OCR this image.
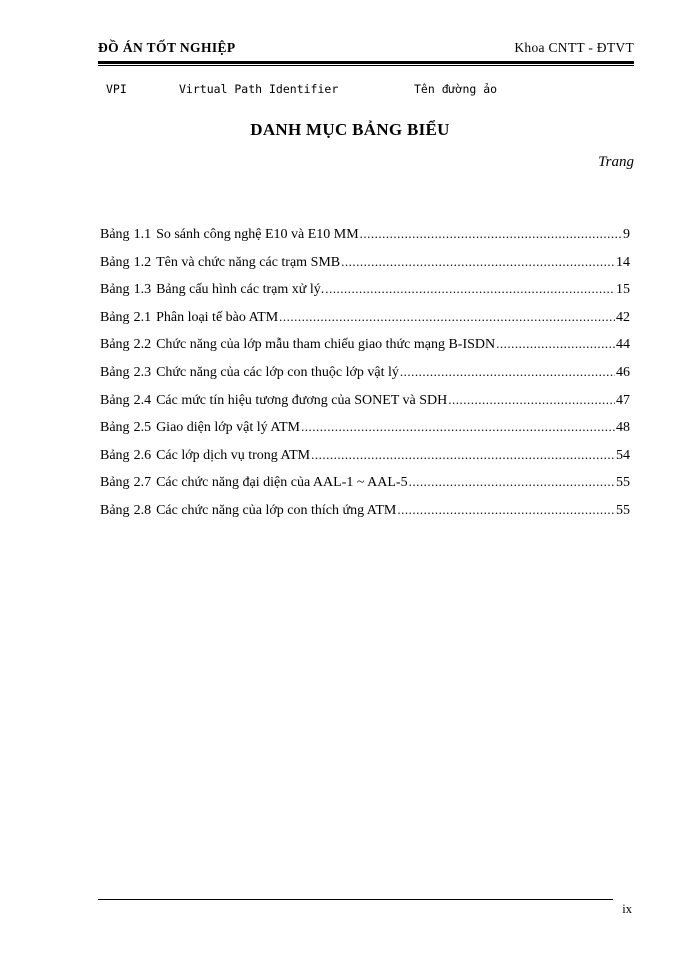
ĐỒ ÁN TỐT NGHIỆP	Khoa CNTT - ĐTVT
VPI	Virtual Path Identifier	Tên đường ảo
DANH MỤC BẢNG BIỂU
Trang
Bảng 1.1 So sánh công nghệ E10 và E10 MM .....	9
Bảng 1.2 Tên và chức năng các trạm SMB .....	14
Bảng 1.3 Bảng cấu hình các trạm xử lý. .....	15
Bảng 2.1 Phân loại tế bào ATM .....	42
Bảng 2.2 Chức năng của lớp mẫu tham chiếu giao thức mạng B-ISDN .....	44
Bảng 2.3 Chức năng của các lớp con thuộc lớp vật lý .....	46
Bảng 2.4 Các mức tín hiệu tương đương của SONET và SDH .....	47
Bảng 2.5 Giao diện lớp vật lý ATM .....	48
Bảng 2.6 Các lớp dịch vụ trong ATM .....	54
Bảng 2.7 Các chức năng đại diện của AAL-1 ~ AAL-5 .....	55
Bảng 2.8 Các chức năng của lớp con thích ứng ATM .....	55
ix
